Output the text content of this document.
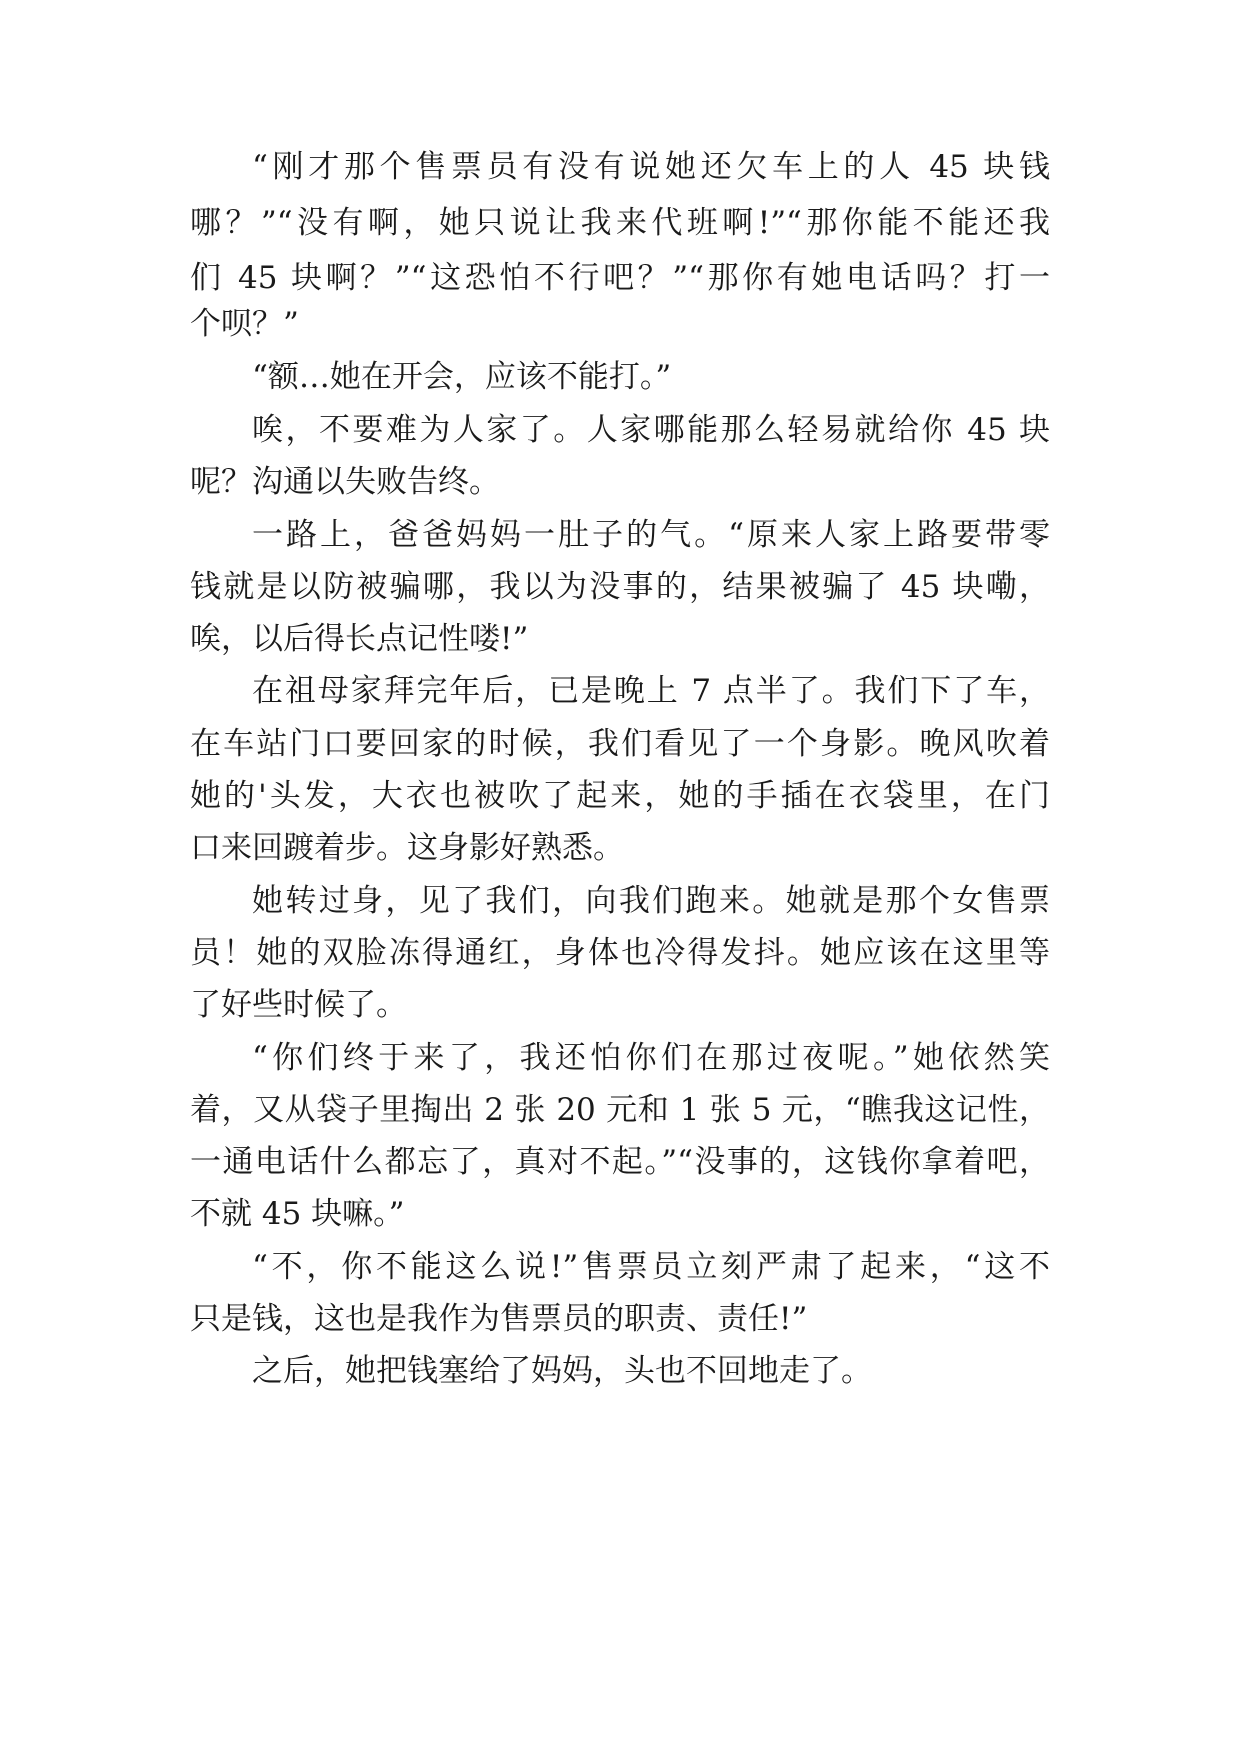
“刚才那个售票员有没有说她还欠车上的人 45 块钱
哪？”“没有啊，她只说让我来代班啊!”“那你能不能还我
们 45 块啊？”“这恐怕不行吧？”“那你有她电话吗？打一
个呗？”
“额…她在开会，应该不能打。”
唉，不要难为人家了。人家哪能那么轻易就给你 45 块
呢？沟通以失败告终。
一路上，爸爸妈妈一肚子的气。“原来人家上路要带零
钱就是以防被骗哪，我以为没事的，结果被骗了 45 块嘞，
唉，以后得长点记性喽!”
在祖母家拜完年后，已是晚上 7 点半了。我们下了车，
在车站门口要回家的时候，我们看见了一个身影。晚风吹着
她的'头发，大衣也被吹了起来，她的手插在衣袋里，在门
口来回踱着步。这身影好熟悉。
她转过身，见了我们，向我们跑来。她就是那个女售票
员！她的双脸冻得通红，身体也冷得发抖。她应该在这里等
了好些时候了。
“你们终于来了，我还怕你们在那过夜呢。”她依然笑
着，又从袋子里掏出 2 张 20 元和 1 张 5 元，“瞧我这记性，
一通电话什么都忘了，真对不起。”“没事的，这钱你拿着吧，
不就 45 块嘛。”
“不，你不能这么说!”售票员立刻严肃了起来，“这不
只是钱，这也是我作为售票员的职责、责任!”
之后，她把钱塞给了妈妈，头也不回地走了。
